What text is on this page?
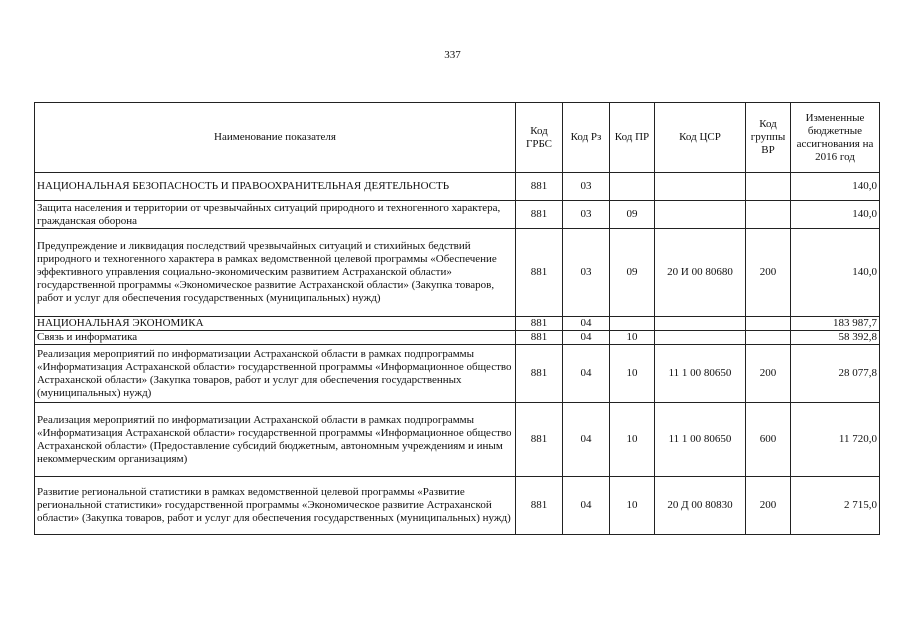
337
Наименование показателя	Код ГРБС	Код Рз	Код ПР	Код ЦСР	Код группы ВР	Измененные бюджетные ассигнования на 2016 год
НАЦИОНАЛЬНАЯ БЕЗОПАСНОСТЬ И ПРАВООХРАНИТЕЛЬНАЯ ДЕЯТЕЛЬНОСТЬ	881	03				140,0
Защита населения и территории от чрезвычайных ситуаций природного и техногенного характера, гражданская оборона	881	03	09			140,0
Предупреждение и ликвидация последствий чрезвычайных ситуаций и стихийных бедствий природного и техногенного характера в рамках ведомственной целевой программы «Обеспечение эффективного управления социально-экономическим развитием Астраханской области» государственной программы «Экономическое развитие Астраханской области» (Закупка товаров, работ и услуг для обеспечения государственных (муниципальных) нужд)	881	03	09	20 И 00 80680	200	140,0
НАЦИОНАЛЬНАЯ ЭКОНОМИКА	881	04				183 987,7
Связь и информатика	881	04	10			58 392,8
Реализация мероприятий по информатизации Астраханской области в рамках подпрограммы «Информатизация Астраханской области» государственной программы «Информационное общество Астраханской области» (Закупка товаров, работ и услуг для обеспечения государственных (муниципальных) нужд)	881	04	10	11 1 00 80650	200	28 077,8
Реализация мероприятий по информатизации Астраханской области в рамках подпрограммы «Информатизация Астраханской области» государственной программы «Информационное общество Астраханской области» (Предоставление субсидий бюджетным, автономным учреждениям и иным некоммерческим организациям)	881	04	10	11 1 00 80650	600	11 720,0
Развитие региональной статистики в рамках ведомственной целевой программы «Развитие региональной статистики» государственной программы «Экономическое развитие Астраханской области» (Закупка товаров, работ и услуг для обеспечения государственных (муниципальных) нужд)	881	04	10	20 Д 00 80830	200	2 715,0
